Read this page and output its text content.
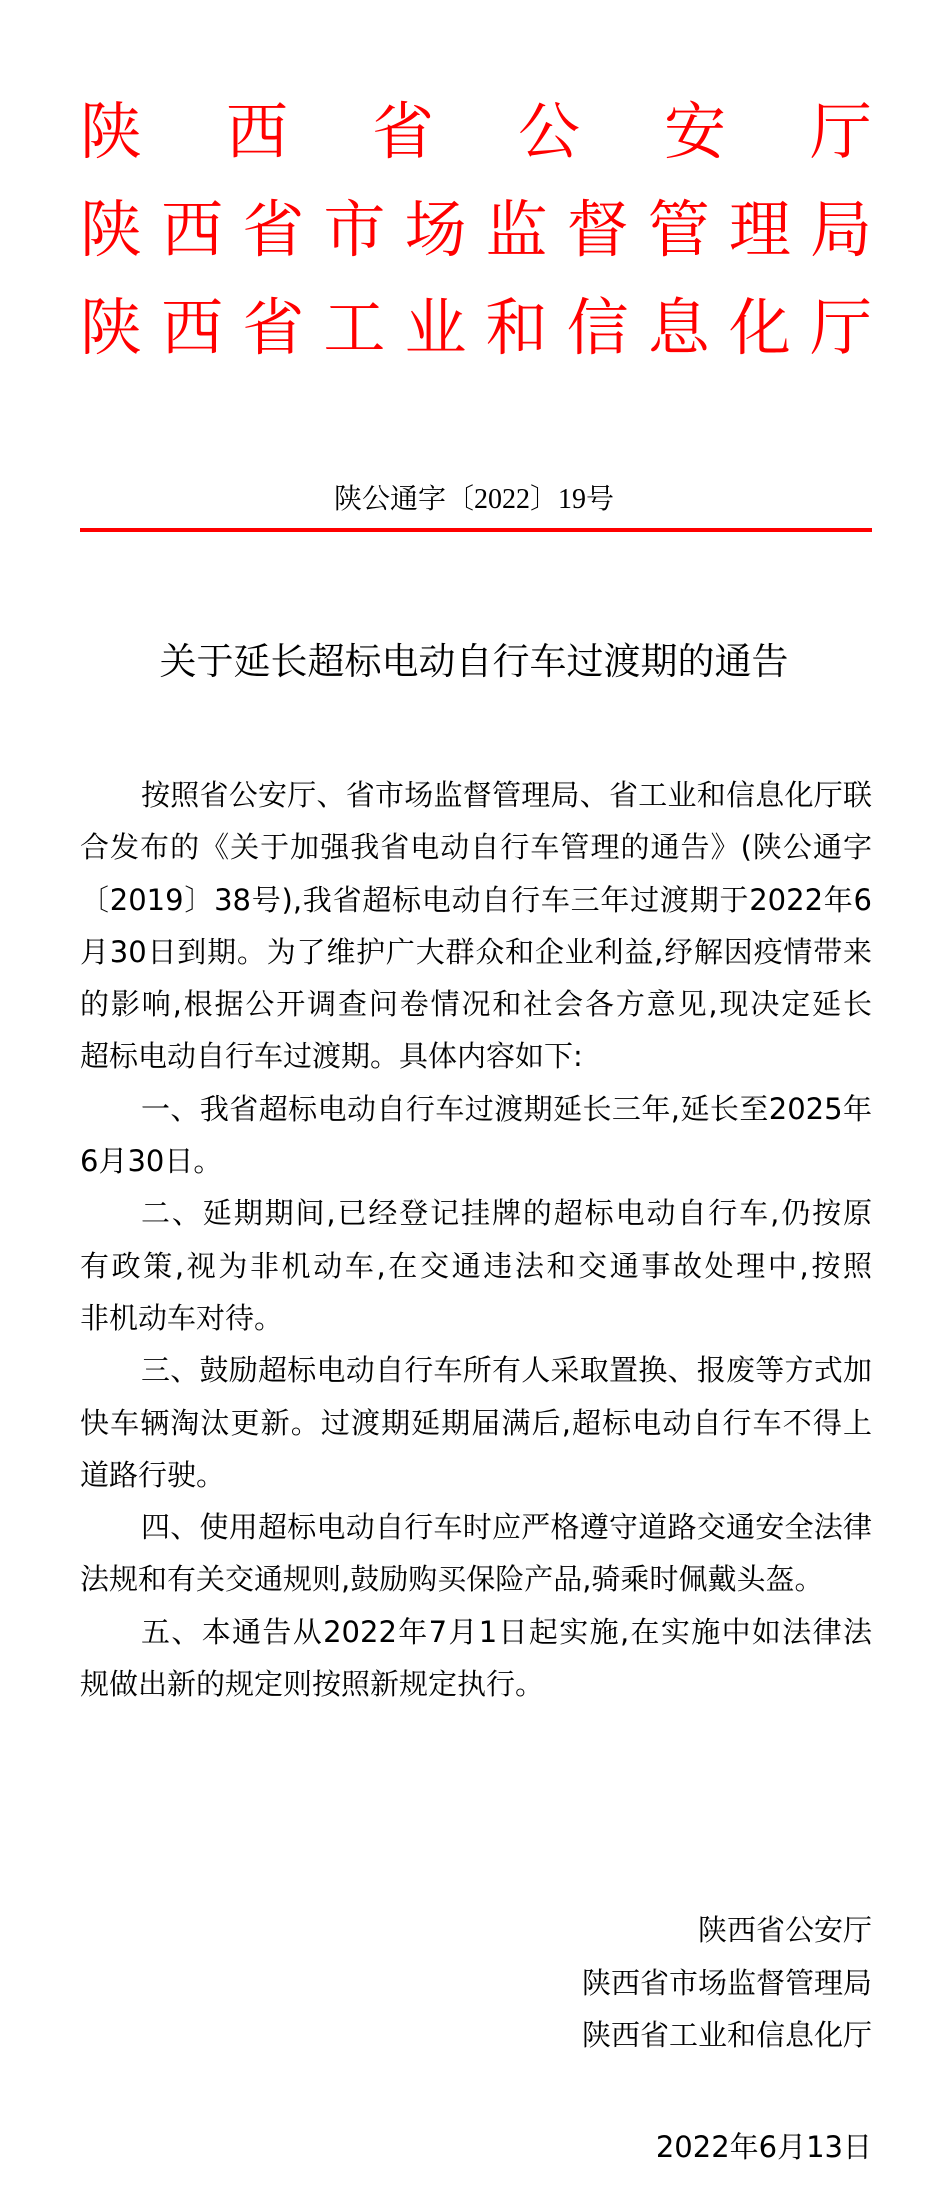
陕 西 省 公 安 厅
陕 西 省 市 场 监 督 管 理 局
陕 西 省 工 业 和 信 息 化 厅
陕公通字〔2022〕19号
关于延长超标电动自行车过渡期的通告
按照省公安厅、省市场监督管理局、省工业和信息化厅联
合发布的《关于加强我省电动自行车管理的通告》(陕公通字
〔2019〕38号),我省超标电动自行车三年过渡期于2022年6
月30日到期。为了维护广大群众和企业利益,纾解因疫情带来
的影响,根据公开调查问卷情况和社会各方意见,现决定延长
超标电动自行车过渡期。具体内容如下:
一、我省超标电动自行车过渡期延长三年,延长至2025年
6月30日。
二、延期期间,已经登记挂牌的超标电动自行车,仍按原
有政策,视为非机动车,在交通违法和交通事故处理中,按照
非机动车对待。
三、鼓励超标电动自行车所有人采取置换、报废等方式加
快车辆淘汰更新。过渡期延期届满后,超标电动自行车不得上
道路行驶。
四、使用超标电动自行车时应严格遵守道路交通安全法律
法规和有关交通规则,鼓励购买保险产品,骑乘时佩戴头盔。
五、本通告从2022年7月1日起实施,在实施中如法律法
规做出新的规定则按照新规定执行。
陕西省公安厅
陕西省市场监督管理局
陕西省工业和信息化厅
2022年6月13日
